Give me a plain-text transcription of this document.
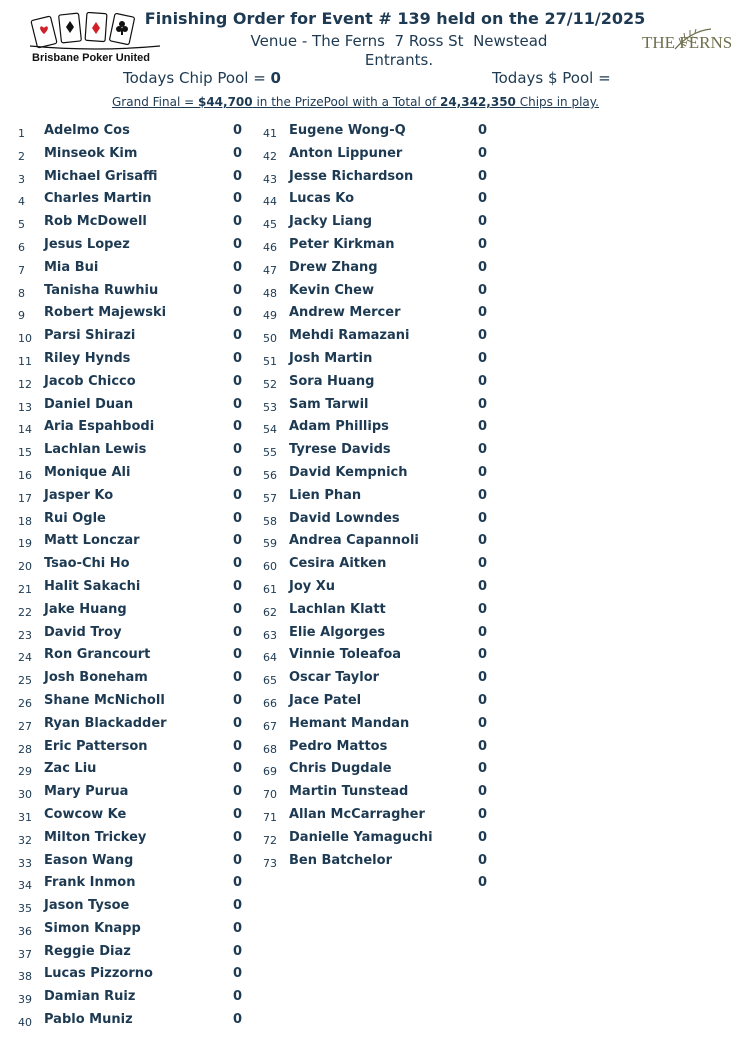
Brisbane Poker United
THE FERNS
Finishing Order for Event # 139 held on the 27/11/2025
Venue - The Ferns  7 Ross St  Newstead
Entrants.
Todays Chip Pool = 0	Todays $ Pool =
Grand Final = $44,700 in the PrizePool with a Total of 24,342,350 Chips in play.
1 Adelmo Cos	0
2 Minseok Kim	0
3 Michael Grisaffi	0
4 Charles Martin	0
5 Rob McDowell	0
6 Jesus Lopez	0
7 Mia Bui	0
8 Tanisha Ruwhiu	0
9 Robert Majewski	0
10 Parsi Shirazi	0
11 Riley Hynds	0
12 Jacob Chicco	0
13 Daniel Duan	0
14 Aria Espahbodi	0
15 Lachlan Lewis	0
16 Monique Ali	0
17 Jasper Ko	0
18 Rui Ogle	0
19 Matt Lonczar	0
20 Tsao-Chi Ho	0
21 Halit Sakachi	0
22 Jake Huang	0
23 David Troy	0
24 Ron Grancourt	0
25 Josh Boneham	0
26 Shane McNicholl	0
27 Ryan Blackadder	0
28 Eric Patterson	0
29 Zac Liu	0
30 Mary Purua	0
31 Cowcow Ke	0
32 Milton Trickey	0
33 Eason Wang	0
34 Frank Inmon	0
35 Jason Tysoe	0
36 Simon Knapp	0
37 Reggie Diaz	0
38 Lucas Pizzorno	0
39 Damian Ruiz	0
40 Pablo Muniz	0
41 Eugene Wong-Q	0
42 Anton Lippuner	0
43 Jesse Richardson	0
44 Lucas Ko	0
45 Jacky Liang	0
46 Peter Kirkman	0
47 Drew Zhang	0
48 Kevin Chew	0
49 Andrew Mercer	0
50 Mehdi Ramazani	0
51 Josh Martin	0
52 Sora Huang	0
53 Sam Tarwil	0
54 Adam Phillips	0
55 Tyrese Davids	0
56 David Kempnich	0
57 Lien Phan	0
58 David Lowndes	0
59 Andrea Capannoli	0
60 Cesira Aitken	0
61 Joy Xu	0
62 Lachlan Klatt	0
63 Elie Algorges	0
64 Vinnie Toleafoa	0
65 Oscar Taylor	0
66 Jace Patel	0
67 Hemant Mandan	0
68 Pedro Mattos	0
69 Chris Dugdale	0
70 Martin Tunstead	0
71 Allan McCarragher	0
72 Danielle Yamaguchi	0
73 Ben Batchelor	0
0
